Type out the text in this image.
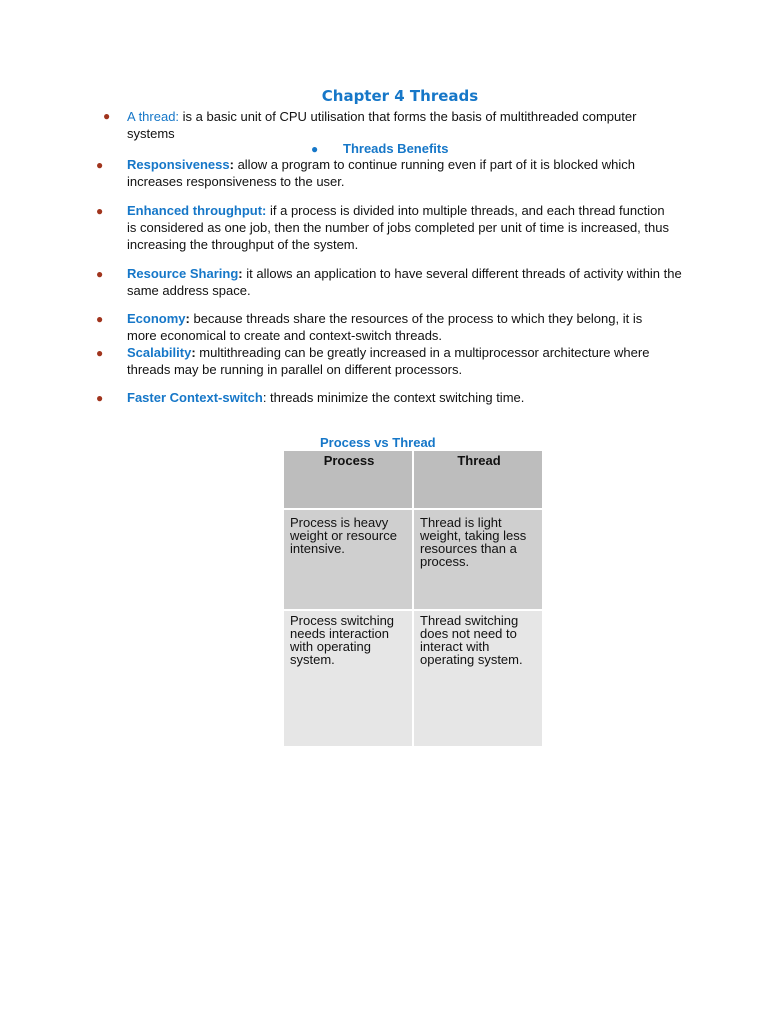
Chapter 4 Threads
● A thread: is a basic unit of CPU utilisation that forms the basis of multithreaded computer systems
● Threads Benefits
● Responsiveness: allow a program to continue running even if part of it is blocked which increases responsiveness to the user.
● Enhanced throughput: if a process is divided into multiple threads, and each thread function is considered as one job, then the number of jobs completed per unit of time is increased, thus increasing the throughput of the system.
● Resource Sharing: it allows an application to have several different threads of activity within the same address space.
● Economy: because threads share the resources of the process to which they belong, it is more economical to create and context-switch threads.
● Scalability: multithreading can be greatly increased in a multiprocessor architecture where threads may be running in parallel on different processors.
● Faster Context-switch: threads minimize the context switching time.
Process vs Thread
Process	Thread
Process is heavy weight or resource intensive.	Thread is light weight, taking less resources than a process.
Process switching needs interaction with operating system.	Thread switching does not need to interact with operating system.
